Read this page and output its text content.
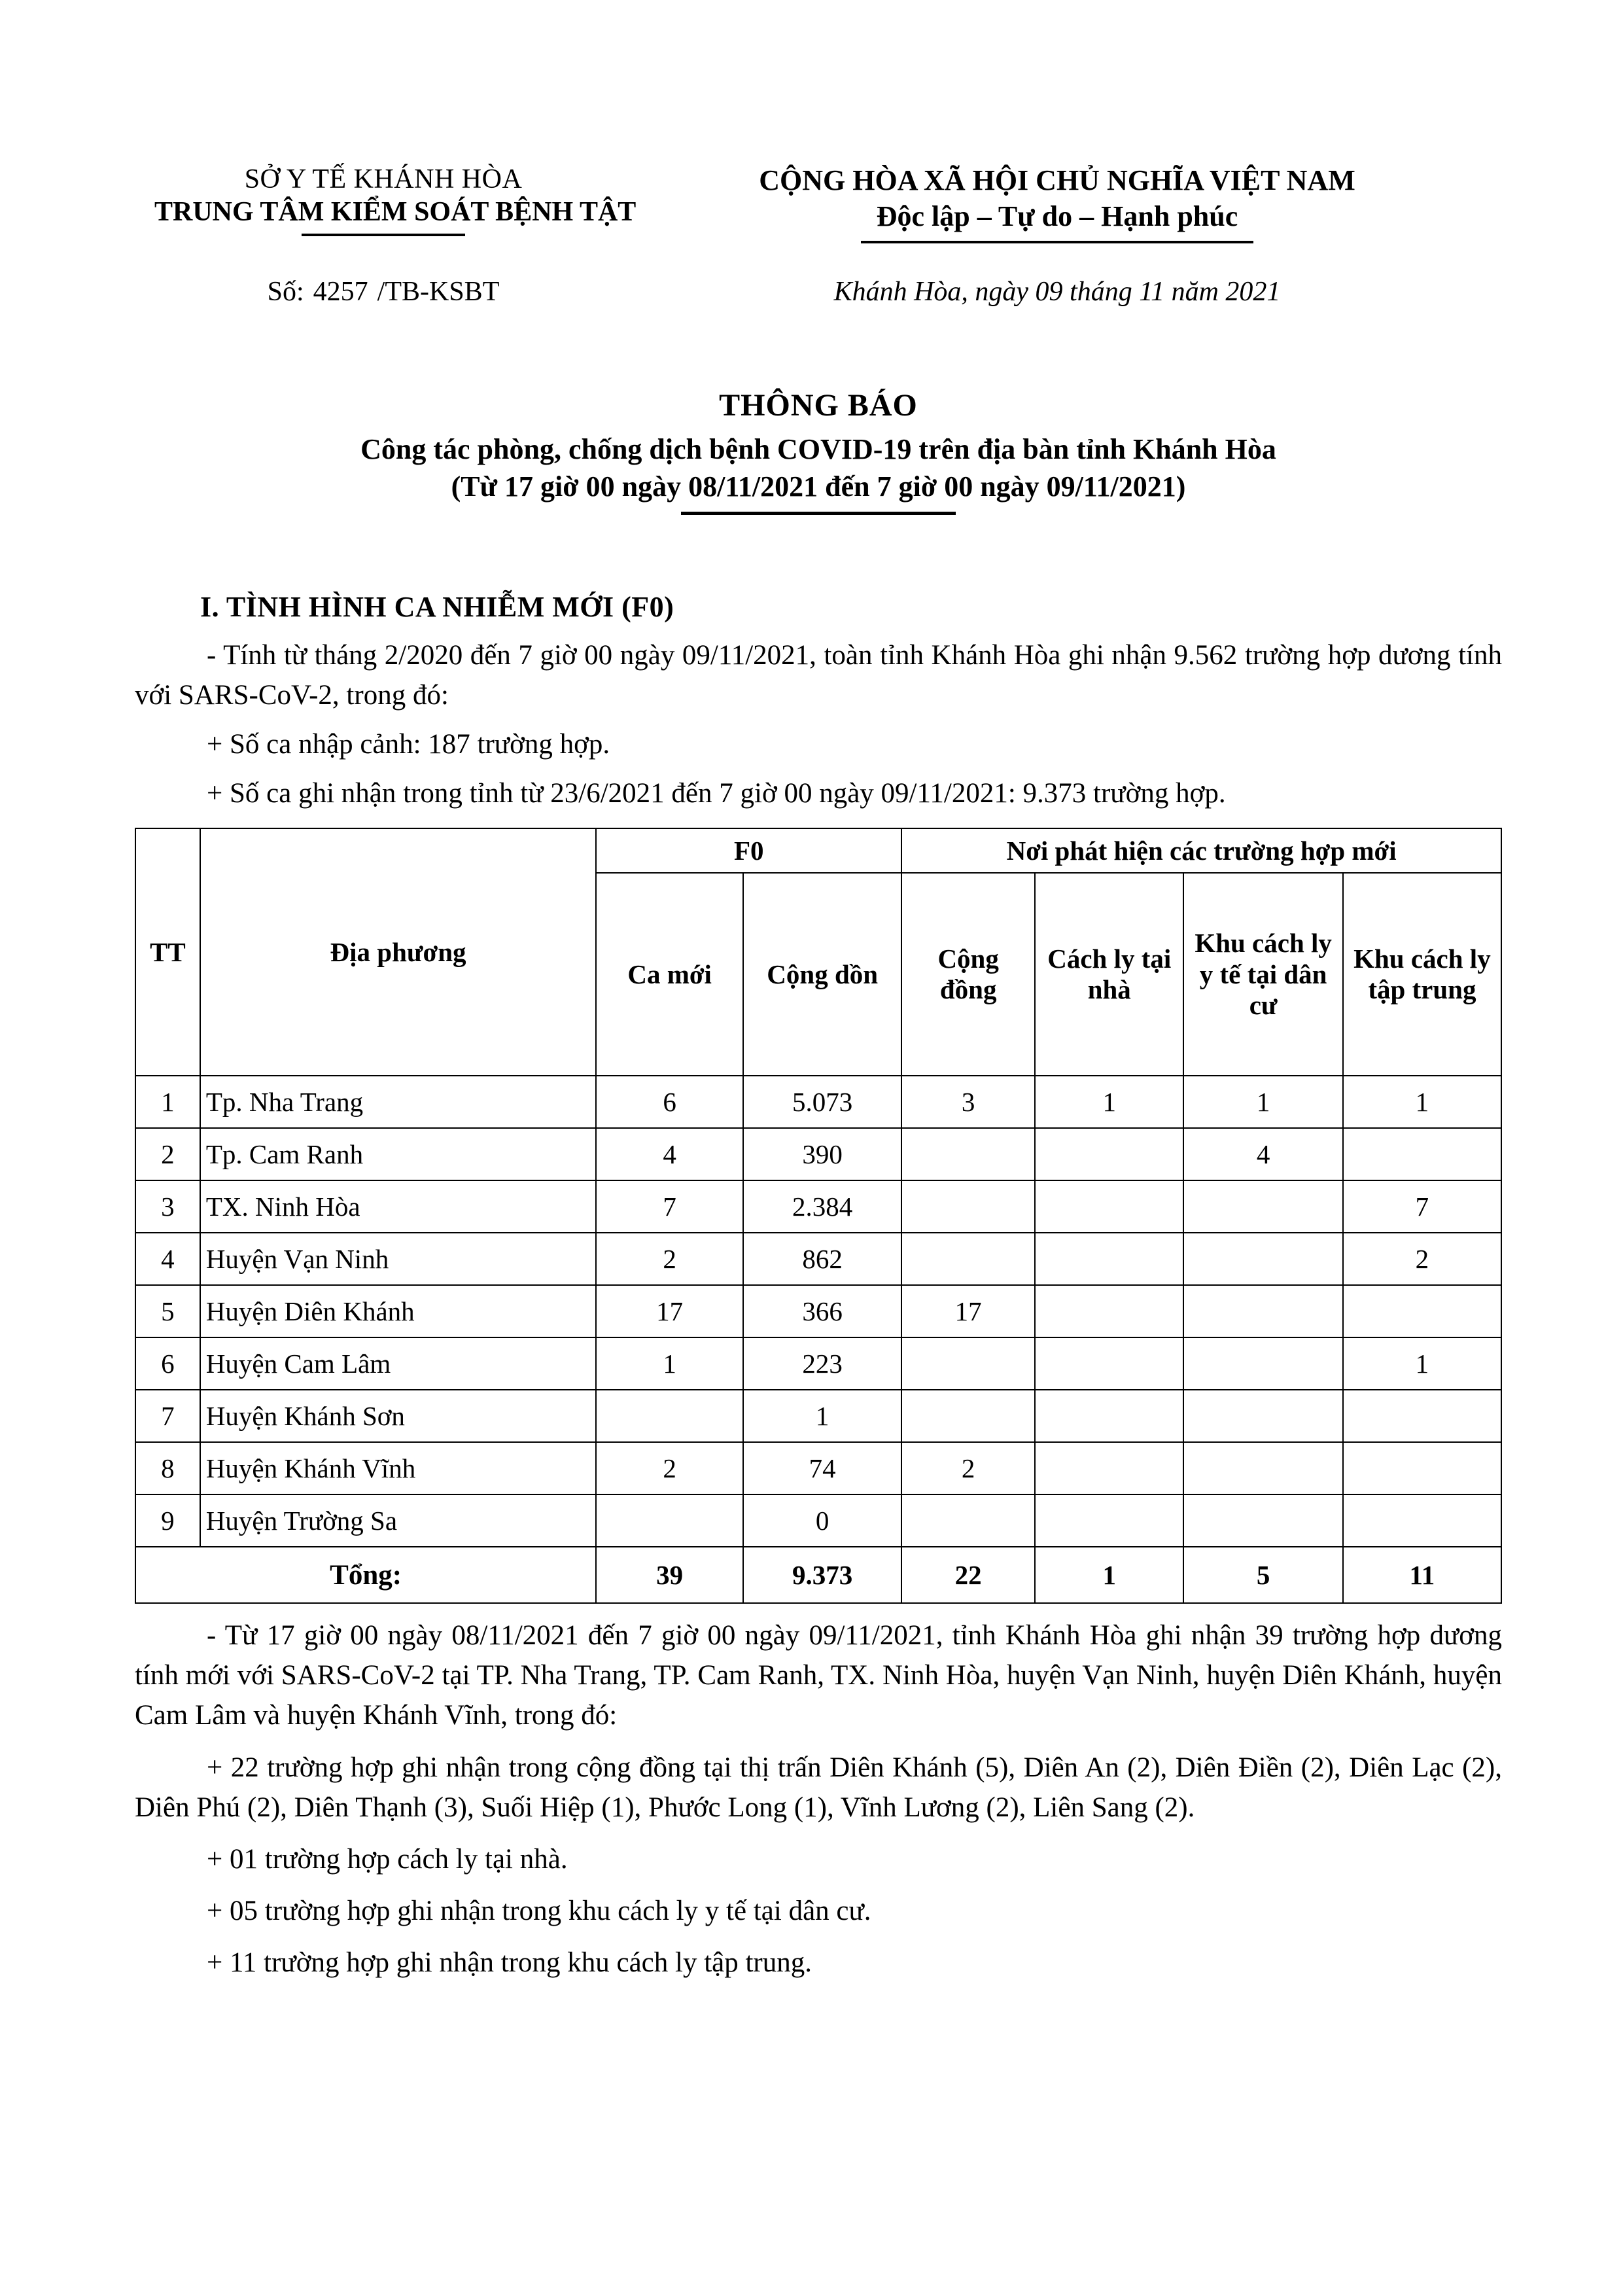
SỞ Y TẾ KHÁNH HÒA
TRUNG TÂM KIỂM SOÁT BỆNH TẬT
CỘNG HÒA XÃ HỘI CHỦ NGHĨA VIỆT NAM
Độc lập – Tự do – Hạnh phúc
Số: 4257 /TB-KSBT	Khánh Hòa, ngày 09 tháng 11 năm 2021
THÔNG BÁO
Công tác phòng, chống dịch bệnh COVID-19 trên địa bàn tỉnh Khánh Hòa
(Từ 17 giờ 00 ngày 08/11/2021 đến 7 giờ 00 ngày 09/11/2021)
I. TÌNH HÌNH CA NHIỄM MỚI (F0)

- Tính từ tháng 2/2020 đến 7 giờ 00 ngày 09/11/2021, toàn tỉnh Khánh Hòa ghi nhận 9.562 trường hợp dương tính với SARS-CoV-2, trong đó:

+ Số ca nhập cảnh: 187 trường hợp.

+ Số ca ghi nhận trong tỉnh từ 23/6/2021 đến 7 giờ 00 ngày 09/11/2021: 9.373 trường hợp.

TT	Địa phương	F0		Nơi phát hiện các trường hợp mới			
		Ca mới	Cộng dồn	Cộng đồng	Cách ly tại nhà	Khu cách ly y tế tại dân cư	Khu cách ly tập trung
1	Tp. Nha Trang	6	5.073	3	1	1	1
2	Tp. Cam Ranh	4	390			4	
3	TX. Ninh Hòa	7	2.384				7
4	Huyện Vạn Ninh	2	862				2
5	Huyện Diên Khánh	17	366	17			
6	Huyện Cam Lâm	1	223				1
7	Huyện Khánh Sơn		1				
8	Huyện Khánh Vĩnh	2	74	2			
9	Huyện Trường Sa		0				
Tổng:		39	9.373	22	1	5	11

- Từ 17 giờ 00 ngày 08/11/2021 đến 7 giờ 00 ngày 09/11/2021, tỉnh Khánh Hòa ghi nhận 39 trường hợp dương tính mới với SARS-CoV-2 tại TP. Nha Trang, TP. Cam Ranh, TX. Ninh Hòa, huyện Vạn Ninh, huyện Diên Khánh, huyện Cam Lâm và huyện Khánh Vĩnh, trong đó:

+ 22 trường hợp ghi nhận trong cộng đồng tại thị trấn Diên Khánh (5), Diên An (2), Diên Điền (2), Diên Lạc (2), Diên Phú (2), Diên Thạnh (3), Suối Hiệp (1), Phước Long (1), Vĩnh Lương (2), Liên Sang (2).

+ 01 trường hợp cách ly tại nhà.

+ 05 trường hợp ghi nhận trong khu cách ly y tế tại dân cư.

+ 11 trường hợp ghi nhận trong khu cách ly tập trung.
